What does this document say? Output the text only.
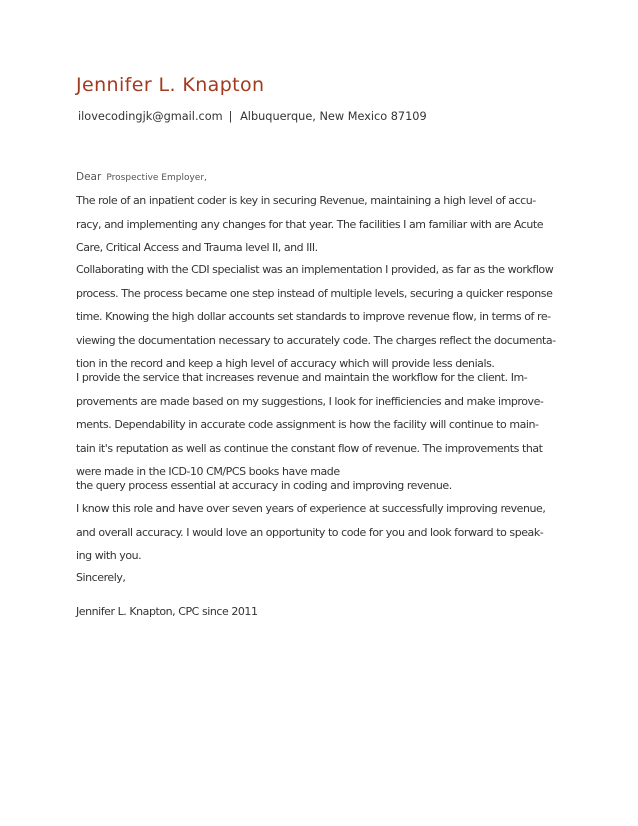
Jennifer L. Knapton
ilovecodingjk@gmail.com | Albuquerque, New Mexico 87109
Dear Prospective Employer,
The role of an inpatient coder is key in securing Revenue, maintaining a high level of accu-
racy, and implementing any changes for that year. The facilities I am familiar with are Acute
Care, Critical Access and Trauma level II, and III.
Collaborating with the CDI specialist was an implementation I provided, as far as the workflow
process. The process became one step instead of multiple levels, securing a quicker response
time. Knowing the high dollar accounts set standards to improve revenue flow, in terms of re-
viewing the documentation necessary to accurately code. The charges reflect the documenta-
tion in the record and keep a high level of accuracy which will provide less denials.
I provide the service that increases revenue and maintain the workflow for the client. Im-
provements are made based on my suggestions, I look for inefficiencies and make improve-
ments. Dependability in accurate code assignment is how the facility will continue to main-
tain it's reputation as well as continue the constant flow of revenue. The improvements that
were made in the ICD-10 CM/PCS books have made
the query process essential at accuracy in coding and improving revenue.
I know this role and have over seven years of experience at successfully improving revenue,
and overall accuracy. I would love an opportunity to code for you and look forward to speak-
ing with you.
Sincerely,
Jennifer L. Knapton, CPC since 2011
